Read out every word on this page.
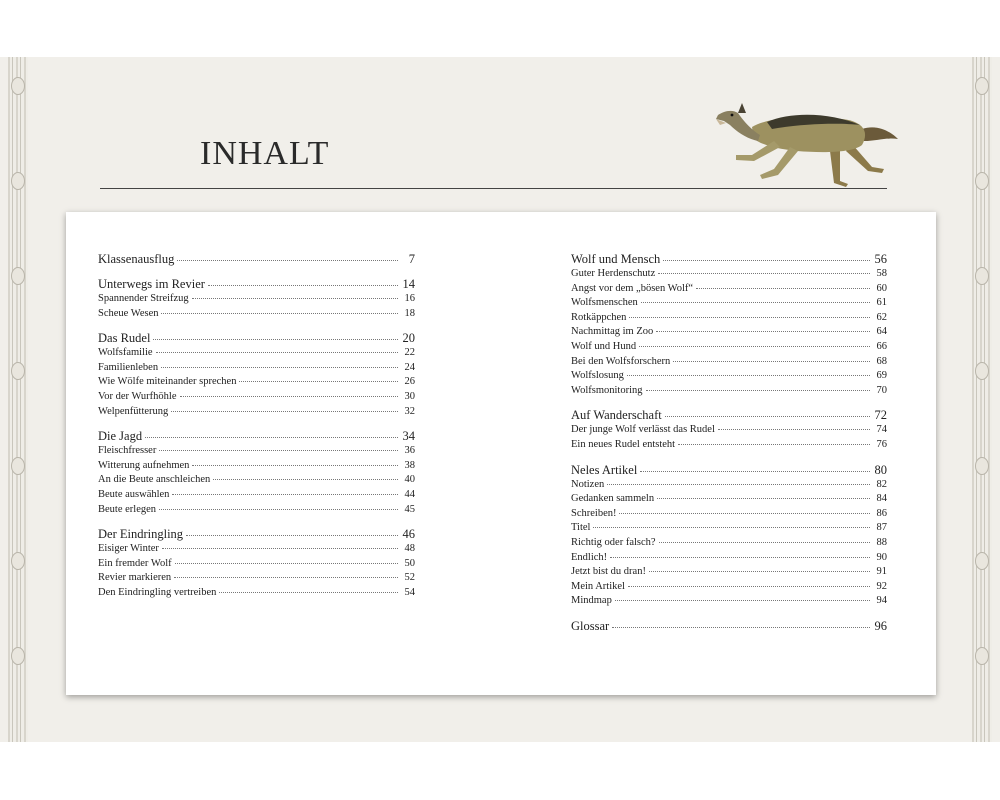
INHALT
Klassenausflug	7
Unterwegs im Revier	14
Spannender Streifzug	16
Scheue Wesen	18
Das Rudel	20
Wolfsfamilie	22
Familienleben	24
Wie Wölfe miteinander sprechen	26
Vor der Wurfhöhle	30
Welpenfütterung	32
Die Jagd	34
Fleischfresser	36
Witterung aufnehmen	38
An die Beute anschleichen	40
Beute auswählen	44
Beute erlegen	45
Der Eindringling	46
Eisiger Winter	48
Ein fremder Wolf	50
Revier markieren	52
Den Eindringling vertreiben	54
Wolf und Mensch	56
Guter Herdenschutz	58
Angst vor dem „bösen Wolf“	60
Wolfsmenschen	61
Rotkäppchen	62
Nachmittag im Zoo	64
Wolf und Hund	66
Bei den Wolfsforschern	68
Wolfslosung	69
Wolfsmonitoring	70
Auf Wanderschaft	72
Der junge Wolf verlässt das Rudel	74
Ein neues Rudel entsteht	76
Neles Artikel	80
Notizen	82
Gedanken sammeln	84
Schreiben!	86
Titel	87
Richtig oder falsch?	88
Endlich!	90
Jetzt bist du dran!	91
Mein Artikel	92
Mindmap	94
Glossar	96
